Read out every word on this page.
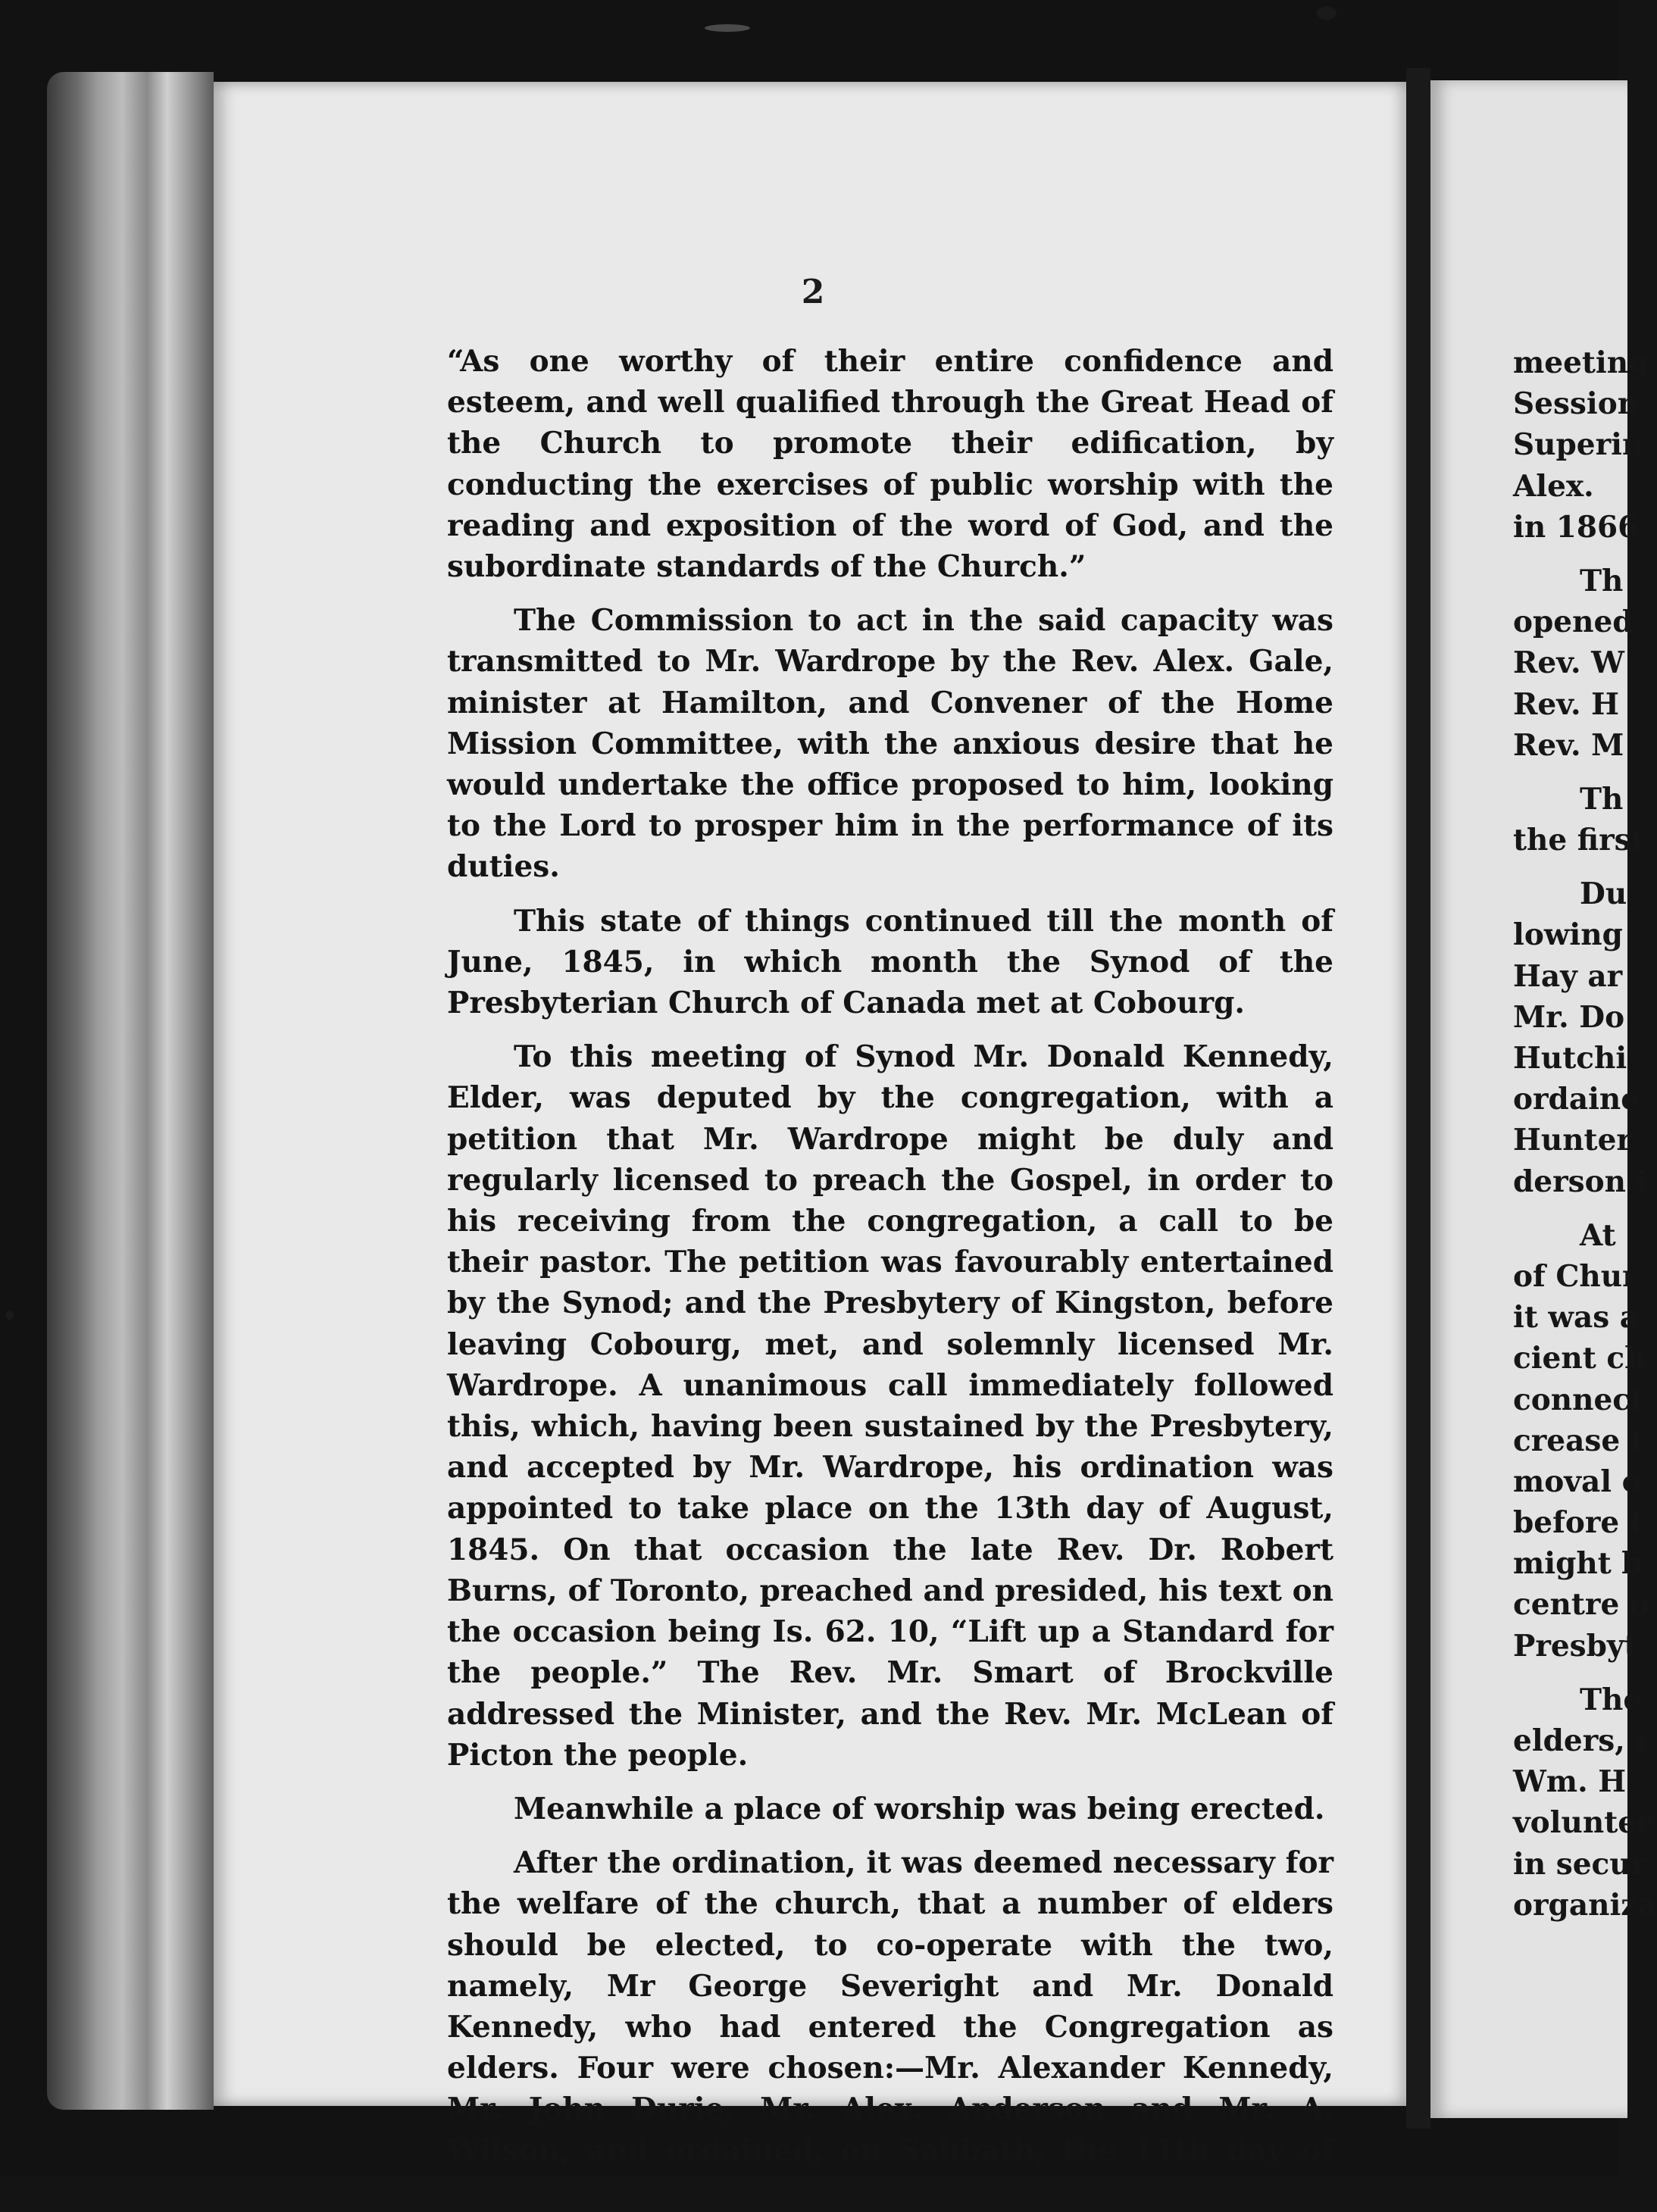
2

“As one worthy of their entire confidence and esteem, and well qualified through the Great Head of the Church to promote their edification, by conducting the exercises of public worship with the reading and exposition of the word of God, and the subordinate standards of the Church.”

The Commission to act in the said capacity was transmitted to Mr. Wardrope by the Rev. Alex. Gale, minister at Hamilton, and Convener of the Home Mission Committee, with the anxious desire that he would undertake the office proposed to him, looking to the Lord to prosper him in the performance of its duties.

This state of things continued till the month of June, 1845, in which month the Synod of the Presbyterian Church of Canada met at Cobourg.

To this meeting of Synod Mr. Donald Kennedy, Elder, was deputed by the congregation, with a petition that Mr. Wardrope might be duly and regularly licensed to preach the Gospel, in order to his receiving from the congregation, a call to be their pastor. The petition was favourably entertained by the Synod; and the Presbytery of Kingston, before leaving Cobourg, met, and solemnly licensed Mr. Wardrope. A unanimous call immediately followed this, which, having been sustained by the Presbytery, and accepted by Mr. Wardrope, his ordination was appointed to take place on the 13th day of August, 1845. On that occasion the late Rev. Dr. Robert Burns, of Toronto, preached and presided, his text on the occasion being Is. 62. 10, “Lift up a Standard for the people.” The Rev. Mr. Smart of Brockville addressed the Minister, and the Rev. Mr. McLean of Picton the people.

Meanwhile a place of worship was being erected.

After the ordination, it was deemed necessary for the welfare of the church, that a number of elders should be elected, to co-operate with the two, namely, Mr George Severight and Mr. Donald Kennedy, who had entered the Congregation as elders. Four were chosen:—Mr. Alexander Kennedy, Mr. John Durie, Mr. Alex. Anderson and Mr. A. Wilson, and ordained, on Sabbath, the 11th day of December, 1845. At the

meeting
Session
Superin
Alex.
in 1866
Th
opened
Rev. W
Rev. H
Rev. M
Th
the first
Du
lowing
Hay ar
Mr. Do
Hutchi
ordaine
Hunter
derson i
At
of Chur
it was a
cient ch
connect
crease t
moval o
before t
might b
centre o
Presbyt
The
elders, r
Wm. H
voluntee
in secur
organiza
